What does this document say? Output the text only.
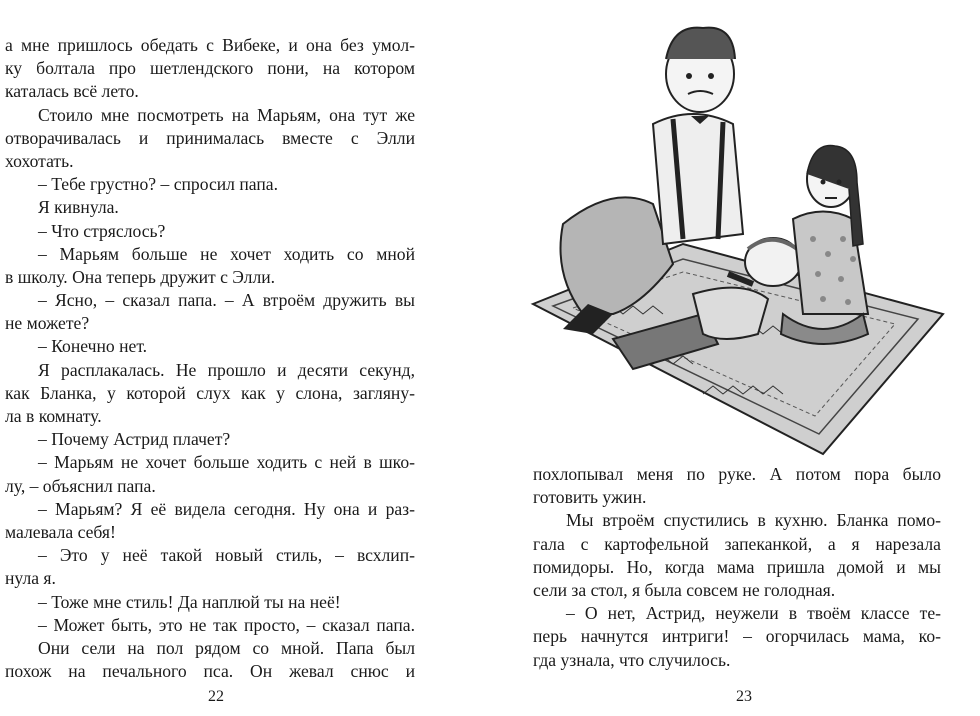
а мне пришлось обедать с Вибеке, и она без умол-
ку болтала про шетлендского пони, на котором
каталась всё лето.
Стоило мне посмотреть на Марьям, она тут же
отворачивалась и принималась вместе с Элли
хохотать.
– Тебе грустно? – спросил папа.
Я кивнула.
– Что стряслось?
– Марьям больше не хочет ходить со мной
в школу. Она теперь дружит с Элли.
– Ясно, – сказал папа. – А втроём дружить вы
не можете?
– Конечно нет.
Я расплакалась. Не прошло и десяти секунд,
как Бланка, у которой слух как у слона, загляну-
ла в комнату.
– Почему Астрид плачет?
– Марьям не хочет больше ходить с ней в шко-
лу, – объяснил папа.
– Марьям? Я её видела сегодня. Ну она и раз-
малевала себя!
– Это у неё такой новый стиль, – всхлип-
нула я.
– Тоже мне стиль! Да наплюй ты на неё!
– Может быть, это не так просто, – сказал папа.
Они сели на пол рядом со мной. Папа был
похож на печального пса. Он жевал снюс и
22
похлопывал меня по руке. А потом пора было
готовить ужин.
Мы втроём спустились в кухню. Бланка помо-
гала с картофельной запеканкой, а я нарезала
помидоры. Но, когда мама пришла домой и мы
сели за стол, я была совсем не голодная.
– О нет, Астрид, неужели в твоём классе те-
перь начнутся интриги! – огорчилась мама, ко-
гда узнала, что случилось.
23
